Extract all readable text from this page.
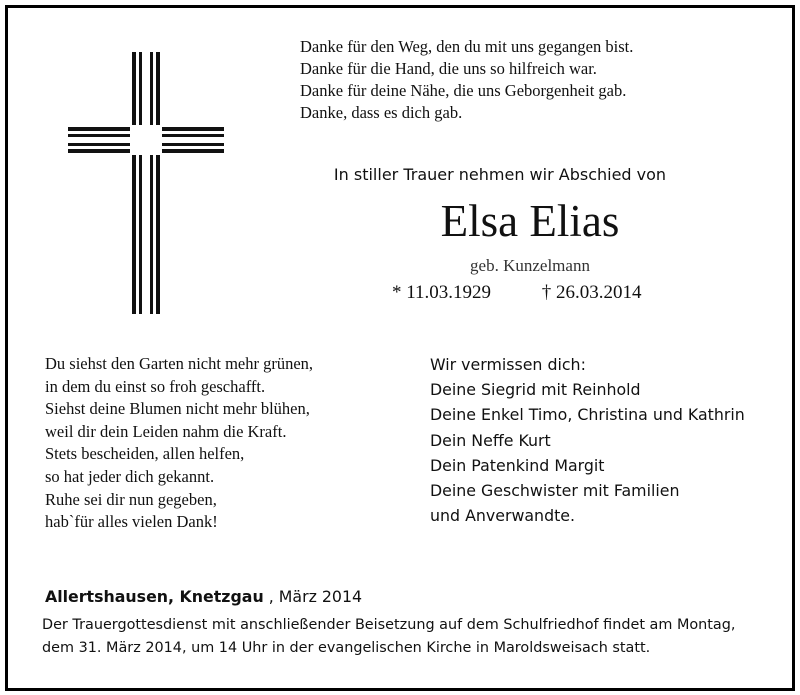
Danke für den Weg, den du mit uns gegangen bist.
Danke für die Hand, die uns so hilfreich war.
Danke für deine Nähe, die uns Geborgenheit gab.
Danke, dass es dich gab.
In stiller Trauer nehmen wir Abschied von
Elsa Elias
geb. Kunzelmann
* 11.03.1929	† 26.03.2014
Du siehst den Garten nicht mehr grünen,
in dem du einst so froh geschafft.
Siehst deine Blumen nicht mehr blühen,
weil dir dein Leiden nahm die Kraft.
Stets bescheiden, allen helfen,
so hat jeder dich gekannt.
Ruhe sei dir nun gegeben,
hab`für alles vielen Dank!
Wir vermissen dich:
Deine Siegrid mit Reinhold
Deine Enkel Timo, Christina und Kathrin
Dein Neffe Kurt
Dein Patenkind Margit
Deine Geschwister mit Familien
und Anverwandte.
Allertshausen, Knetzgau , März 2014
Der Trauergottesdienst mit anschließender Beisetzung auf dem Schulfriedhof findet am Montag,
dem 31. März 2014, um 14 Uhr in der evangelischen Kirche in Maroldsweisach statt.
